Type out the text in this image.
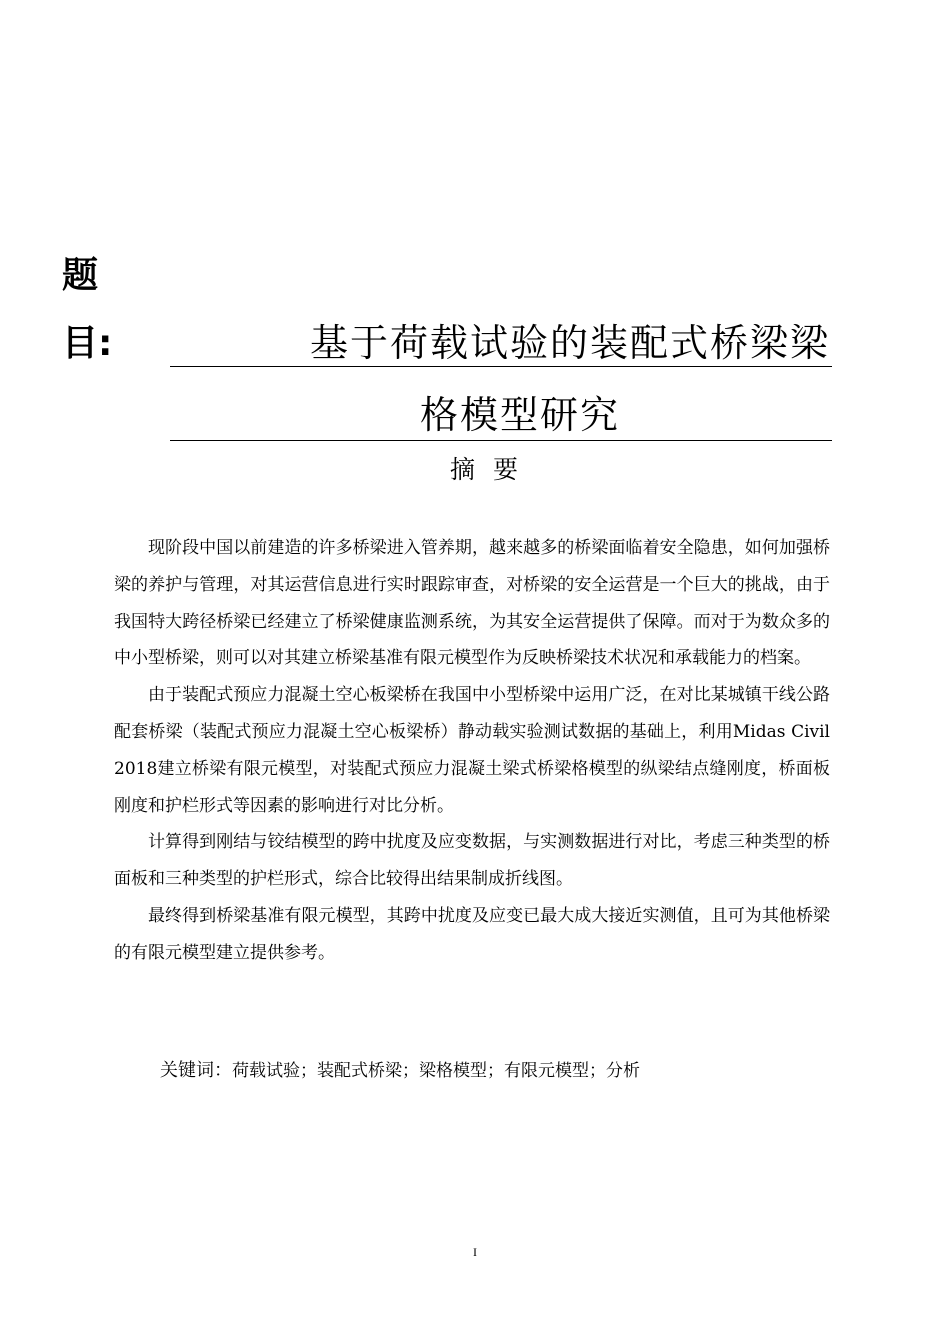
题
目:	基于荷载试验的装配式桥梁梁
格模型研究
摘要

现阶段中国以前建造的许多桥梁进入管养期，越来越多的桥梁面临着安全隐患，如何加强桥梁的养护与管理，对其运营信息进行实时跟踪审查，对桥梁的安全运营是一个巨大的挑战，由于我国特大跨径桥梁已经建立了桥梁健康监测系统，为其安全运营提供了保障。而对于为数众多的中小型桥梁，则可以对其建立桥梁基准有限元模型作为反映桥梁技术状况和承载能力的档案。

由于装配式预应力混凝土空心板梁桥在我国中小型桥梁中运用广泛，在对比某城镇干线公路配套桥梁（装配式预应力混凝土空心板梁桥）静动载实验测试数据的基础上，利用Midas Civil 2018建立桥梁有限元模型，对装配式预应力混凝土梁式桥梁格模型的纵梁结点缝刚度，桥面板刚度和护栏形式等因素的影响进行对比分析。

计算得到刚结与铰结模型的跨中扰度及应变数据，与实测数据进行对比，考虑三种类型的桥面板和三种类型的护栏形式，综合比较得出结果制成折线图。

最终得到桥梁基准有限元模型，其跨中扰度及应变已最大成大接近实测值，且可为其他桥梁的有限元模型建立提供参考。

关键词：荷载试验；装配式桥梁；梁格模型；有限元模型；分析
I
